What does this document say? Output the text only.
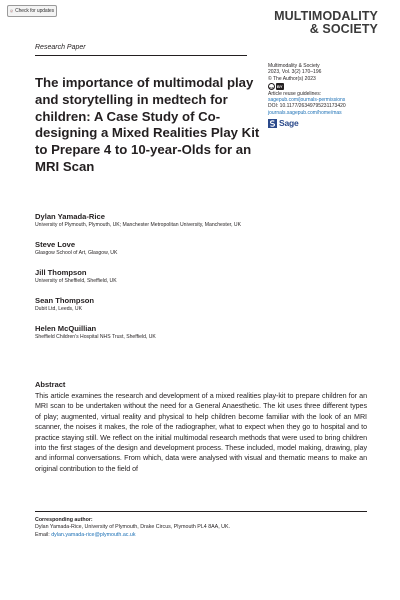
Check for updates	MULTIMODALITY
& SOCIETY
Research Paper
The importance of multimodal play and storytelling in medtech for children: A Case Study of Co-designing a Mixed Realities Play Kit to Prepare 4 to 10-year-Olds for an MRI Scan
Multimodality & Society
2023, Vol. 3(2) 170–196
© The Author(s) 2023
cc BY
Article reuse guidelines:
sagepub.com/journals-permissions
DOI: 10.1177/26349795231173420
journals.sagepub.com/home/mas
Sage
Dylan Yamada-Rice
University of Plymouth, Plymouth, UK; Manchester Metropolitan University, Manchester, UK
Steve Love
Glasgow School of Art, Glasgow, UK
Jill Thompson
University of Sheffield, Sheffield, UK
Sean Thompson
Dubit Ltd, Leeds, UK
Helen McQuillian
Sheffield Children's Hospital NHS Trust, Sheffield, UK
Abstract
This article examines the research and development of a mixed realities play-kit to prepare children for an MRI scan to be undertaken without the need for a General Anaesthetic. The kit uses three different types of play; augmented, virtual reality and physical to help children become familiar with the look of an MRI scanner, the noises it makes, the role of the radiographer, what to expect when they go to hospital and to practice staying still. We reflect on the initial multimodal research methods that were used to bring children into the first stages of the design and development process. These included, model making, drawing, play and informal conversations. From which, data were analysed with visual and thematic means to make an original contribution to the field of
Corresponding author:
Dylan Yamada-Rice, University of Plymouth, Drake Circus, Plymouth PL4 8AA, UK.
Email: dylan.yamada-rice@plymouth.ac.uk
